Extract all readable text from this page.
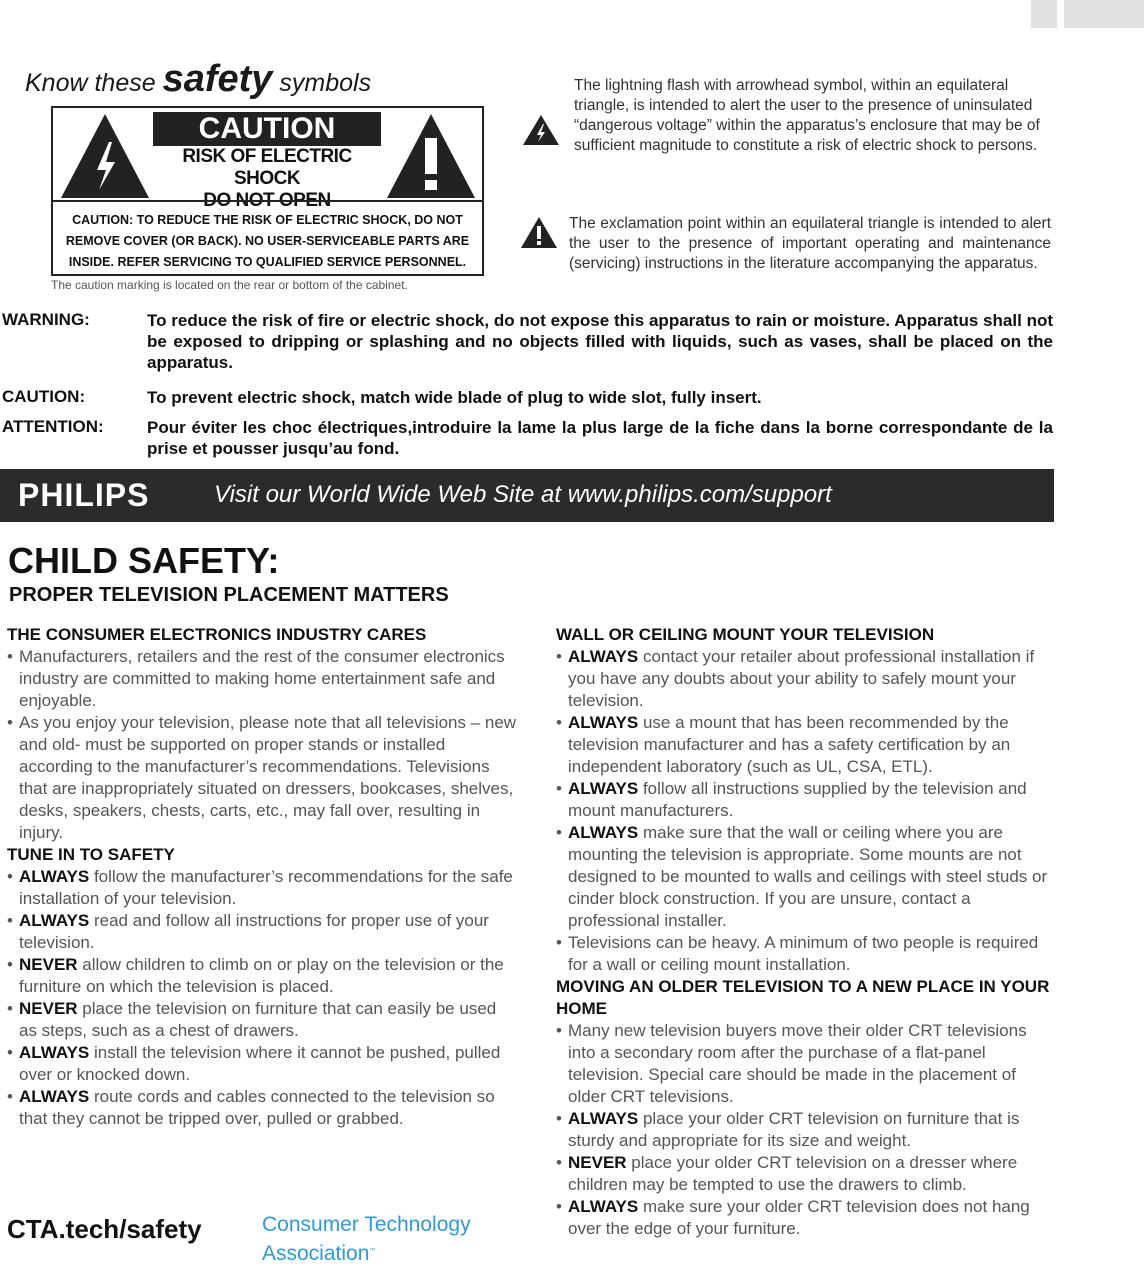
Know these safety symbols
CAUTION
RISK OF ELECTRIC SHOCK
DO NOT OPEN
CAUTION: TO REDUCE THE RISK OF ELECTRIC SHOCK, DO NOT
REMOVE COVER (OR BACK). NO USER-SERVICEABLE PARTS ARE
INSIDE. REFER SERVICING TO QUALIFIED SERVICE PERSONNEL.
The caution marking is located on the rear or bottom of the cabinet.
The lightning flash with arrowhead symbol, within an equilateral triangle, is intended to alert the user to the presence of uninsulated “dangerous voltage” within the apparatus’s enclosure that may be of sufficient magnitude to constitute a risk of electric shock to persons.
The exclamation point within an equilateral triangle is intended to alert the user to the presence of important operating and maintenance (servicing) instructions in the literature accompanying the apparatus.
WARNING:	To reduce the risk of fire or electric shock, do not expose this apparatus to rain or moisture. Apparatus shall not be exposed to dripping or splashing and no objects filled with liquids, such as vases, shall be placed on the apparatus.
CAUTION:	To prevent electric shock, match wide blade of plug to wide slot, fully insert.
ATTENTION:	Pour éviter les choc électriques,introduire la lame la plus large de la fiche dans la borne correspondante de la prise et pousser jusqu’au fond.
PHILIPS	Visit our World Wide Web Site at www.philips.com/support
CHILD SAFETY:
PROPER TELEVISION PLACEMENT MATTERS
THE CONSUMER ELECTRONICS INDUSTRY CARES
• Manufacturers, retailers and the rest of the consumer electronics industry are committed to making home entertainment safe and enjoyable.
• As you enjoy your television, please note that all televisions – new and old- must be supported on proper stands or installed according to the manufacturer’s recommendations. Televisions that are inappropriately situated on dressers, bookcases, shelves, desks, speakers, chests, carts, etc., may fall over, resulting in injury.
TUNE IN TO SAFETY
• ALWAYS follow the manufacturer’s recommendations for the safe installation of your television.
• ALWAYS read and follow all instructions for proper use of your television.
• NEVER allow children to climb on or play on the television or the furniture on which the television is placed.
• NEVER place the television on furniture that can easily be used as steps, such as a chest of drawers.
• ALWAYS install the television where it cannot be pushed, pulled over or knocked down.
• ALWAYS route cords and cables connected to the television so that they cannot be tripped over, pulled or grabbed.
WALL OR CEILING MOUNT YOUR TELEVISION
• ALWAYS contact your retailer about professional installation if you have any doubts about your ability to safely mount your television.
• ALWAYS use a mount that has been recommended by the television manufacturer and has a safety certification by an independent laboratory (such as UL, CSA, ETL).
• ALWAYS follow all instructions supplied by the television and mount manufacturers.
• ALWAYS make sure that the wall or ceiling where you are mounting the television is appropriate. Some mounts are not designed to be mounted to walls and ceilings with steel studs or cinder block construction. If you are unsure, contact a professional installer.
• Televisions can be heavy. A minimum of two people is required for a wall or ceiling mount installation.
MOVING AN OLDER TELEVISION TO A NEW PLACE IN YOUR HOME
• Many new television buyers move their older CRT televisions into a secondary room after the purchase of a flat-panel television. Special care should be made in the placement of older CRT televisions.
• ALWAYS place your older CRT television on furniture that is sturdy and appropriate for its size and weight.
• NEVER place your older CRT television on a dresser where children may be tempted to use the drawers to climb.
• ALWAYS make sure your older CRT television does not hang over the edge of your furniture.
CTA.tech/safety	Consumer Technology
Association™
